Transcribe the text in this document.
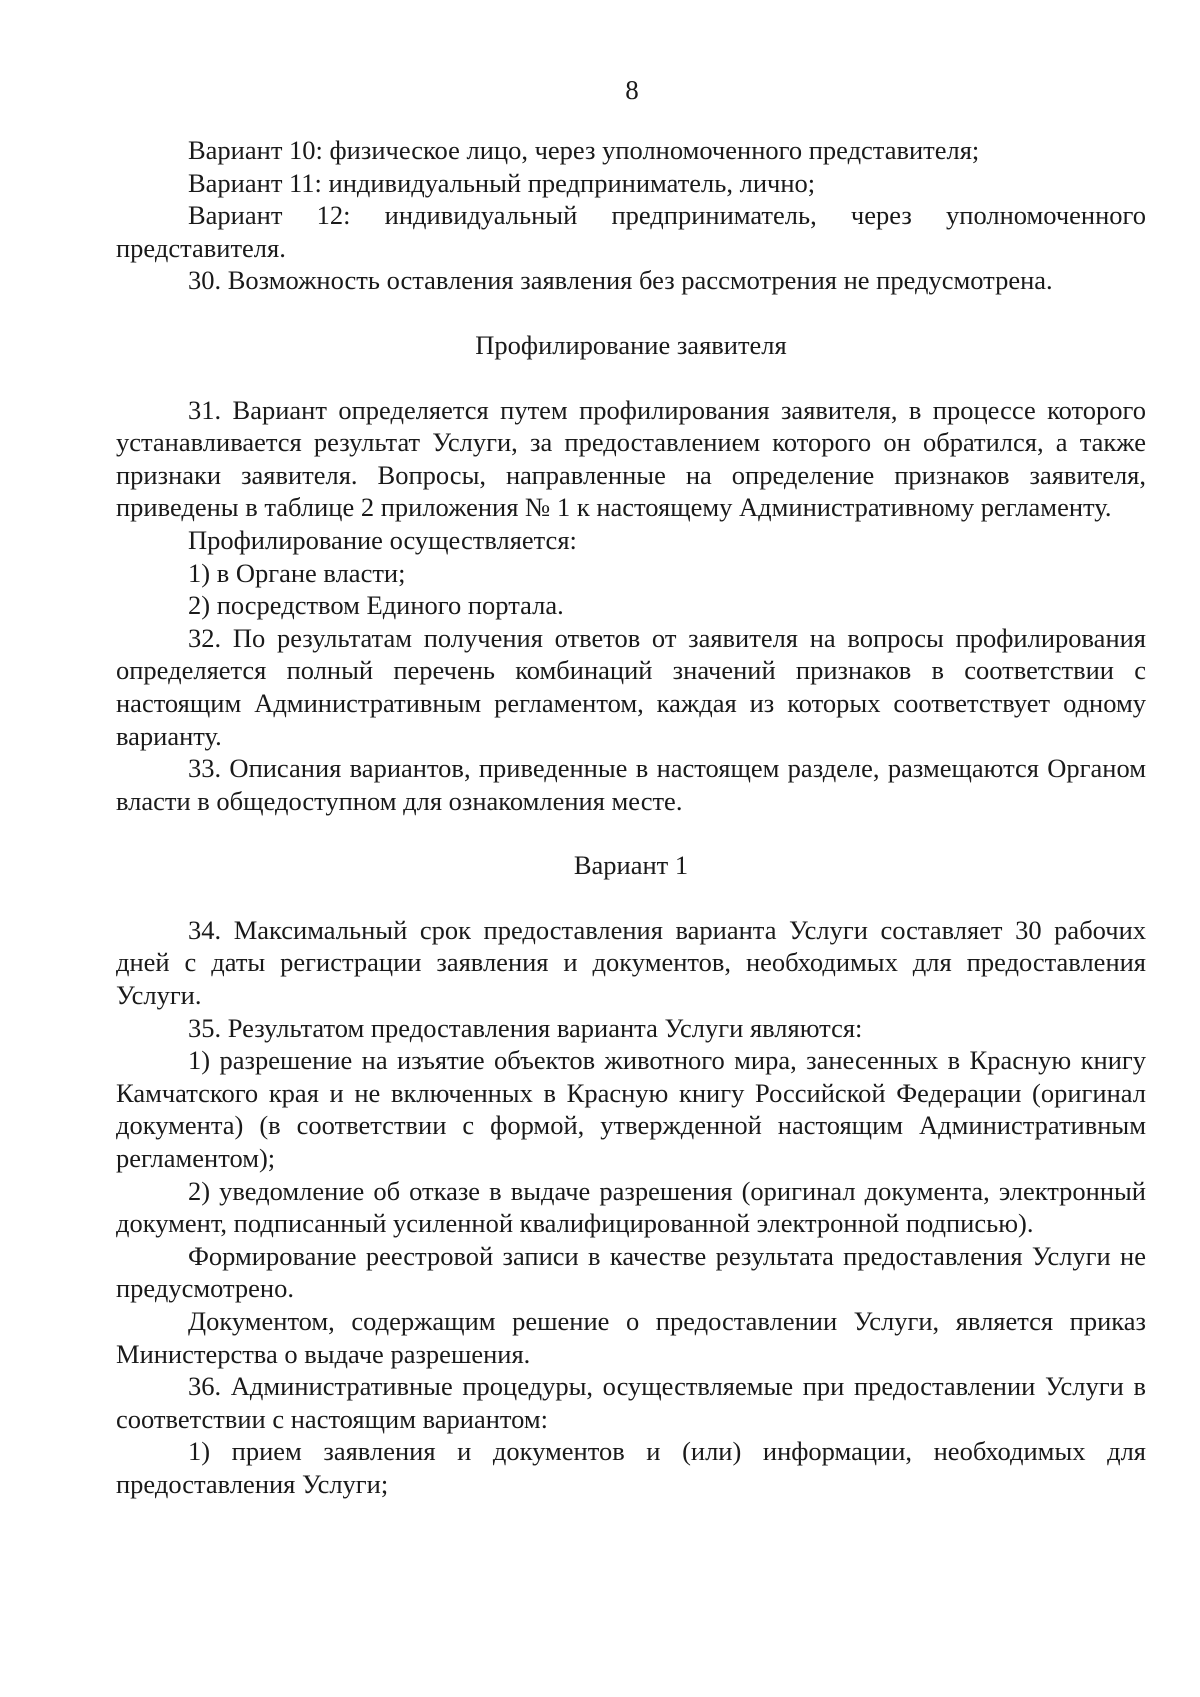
8

Вариант 10: физическое лицо, через уполномоченного представителя;

Вариант 11: индивидуальный предприниматель, лично;

Вариант 12: индивидуальный предприниматель, через уполномоченного представителя.

30. Возможность оставления заявления без рассмотрения не предусмотрена.

Профилирование заявителя

31. Вариант определяется путем профилирования заявителя, в процессе которого устанавливается результат Услуги, за предоставлением которого он обратился, а также признаки заявителя. Вопросы, направленные на определение признаков заявителя, приведены в таблице 2 приложения № 1 к настоящему Административному регламенту.

Профилирование осуществляется:

1) в Органе власти;

2) посредством Единого портала.

32. По результатам получения ответов от заявителя на вопросы профилирования определяется полный перечень комбинаций значений признаков в соответствии с настоящим Административным регламентом, каждая из которых соответствует одному варианту.

33. Описания вариантов, приведенные в настоящем разделе, размещаются Органом власти в общедоступном для ознакомления месте.

Вариант 1

34. Максимальный срок предоставления варианта Услуги составляет 30 рабочих дней с даты регистрации заявления и документов, необходимых для предоставления Услуги.

35. Результатом предоставления варианта Услуги являются:

1) разрешение на изъятие объектов животного мира, занесенных в Красную книгу Камчатского края и не включенных в Красную книгу Российской Федерации (оригинал документа) (в соответствии с формой, утвержденной настоящим Административным регламентом);

2) уведомление об отказе в выдаче разрешения (оригинал документа, электронный документ, подписанный усиленной квалифицированной электронной подписью).

Формирование реестровой записи в качестве результата предоставления Услуги не предусмотрено.

Документом, содержащим решение о предоставлении Услуги, является приказ Министерства о выдаче разрешения.

36. Административные процедуры, осуществляемые при предоставлении Услуги в соответствии с настоящим вариантом:

1) прием заявления и документов и (или) информации, необходимых для предоставления Услуги;
